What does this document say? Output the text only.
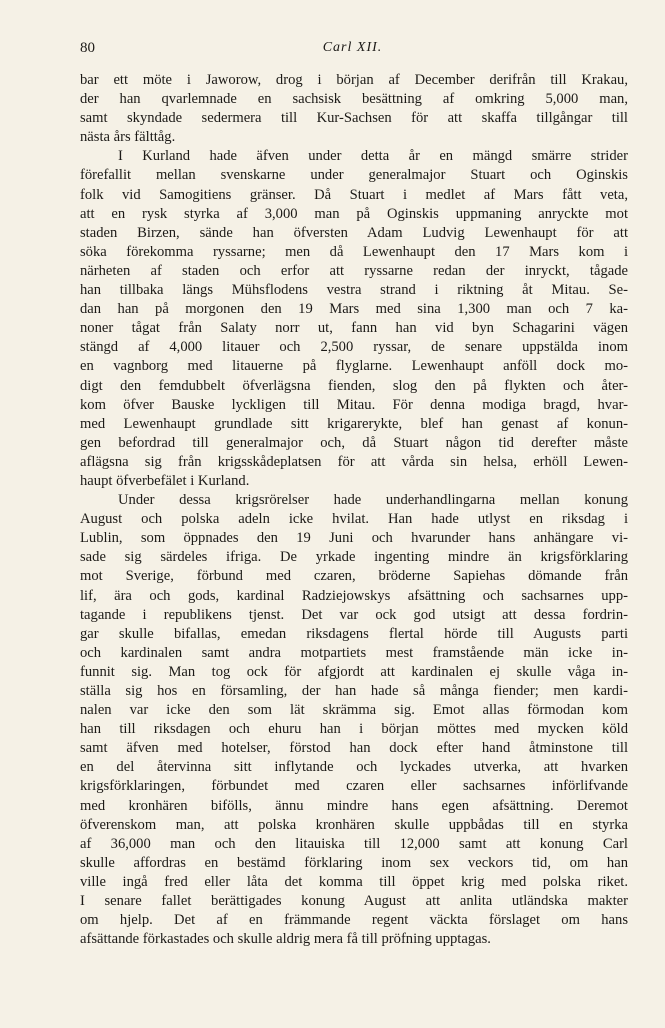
80	Carl XII.
bar ett möte i Jaworow, drog i början af December derifrån till Krakau,
der han qvarlemnade en sachsisk besättning af omkring 5,000 man,
samt skyndade sedermera till Kur-Sachsen för att skaffa tillgångar till
nästa års fälttåg.
I Kurland hade äfven under detta år en mängd smärre strider
förefallit mellan svenskarne under generalmajor Stuart och Oginskis
folk vid Samogitiens gränser. Då Stuart i medlet af Mars fått veta,
att en rysk styrka af 3,000 man på Oginskis uppmaning anryckte mot
staden Birzen, sände han öfversten Adam Ludvig Lewenhaupt för att
söka förekomma ryssarne; men då Lewenhaupt den 17 Mars kom i
närheten af staden och erfor att ryssarne redan der inryckt, tågade
han tillbaka längs Mühsflodens vestra strand i riktning åt Mitau. Se-
dan han på morgonen den 19 Mars med sina 1,300 man och 7 ka-
noner tågat från Salaty norr ut, fann han vid byn Schagarini vägen
stängd af 4,000 litauer och 2,500 ryssar, de senare uppstälda inom
en vagnborg med litauerne på flyglarne. Lewenhaupt anföll dock mo-
digt den femdubbelt öfverlägsna fienden, slog den på flykten och åter-
kom öfver Bauske lyckligen till Mitau. För denna modiga bragd, hvar-
med Lewenhaupt grundlade sitt krigarerykte, blef han genast af konun-
gen befordrad till generalmajor och, då Stuart någon tid derefter måste
aflägsna sig från krigsskådeplatsen för att vårda sin helsa, erhöll Lewen-
haupt öfverbefälet i Kurland.
Under dessa krigsrörelser hade underhandlingarna mellan konung
August och polska adeln icke hvilat. Han hade utlyst en riksdag i
Lublin, som öppnades den 19 Juni och hvarunder hans anhängare vi-
sade sig särdeles ifriga. De yrkade ingenting mindre än krigsförklaring
mot Sverige, förbund med czaren, bröderne Sapiehas dömande från
lif, ära och gods, kardinal Radziejowskys afsättning och sachsarnes upp-
tagande i republikens tjenst. Det var ock god utsigt att dessa fordrin-
gar skulle bifallas, emedan riksdagens flertal hörde till Augusts parti
och kardinalen samt andra motpartiets mest framstående män icke in-
funnit sig. Man tog ock för afgjordt att kardinalen ej skulle våga in-
ställa sig hos en församling, der han hade så många fiender; men kardi-
nalen var icke den som lät skrämma sig. Emot allas förmodan kom
han till riksdagen och ehuru han i början möttes med mycken köld
samt äfven med hotelser, förstod han dock efter hand åtminstone till
en del återvinna sitt inflytande och lyckades utverka, att hvarken
krigsförklaringen, förbundet med czaren eller sachsarnes införlifvande
med kronhären bifölls, ännu mindre hans egen afsättning. Deremot
öfverenskom man, att polska kronhären skulle uppbådas till en styrka
af 36,000 man och den litauiska till 12,000 samt att konung Carl
skulle affordras en bestämd förklaring inom sex veckors tid, om han
ville ingå fred eller låta det komma till öppet krig med polska riket.
I senare fallet berättigades konung August att anlita utländska makter
om hjelp. Det af en främmande regent väckta förslaget om hans
afsättande förkastades och skulle aldrig mera få till pröfning upptagas.
